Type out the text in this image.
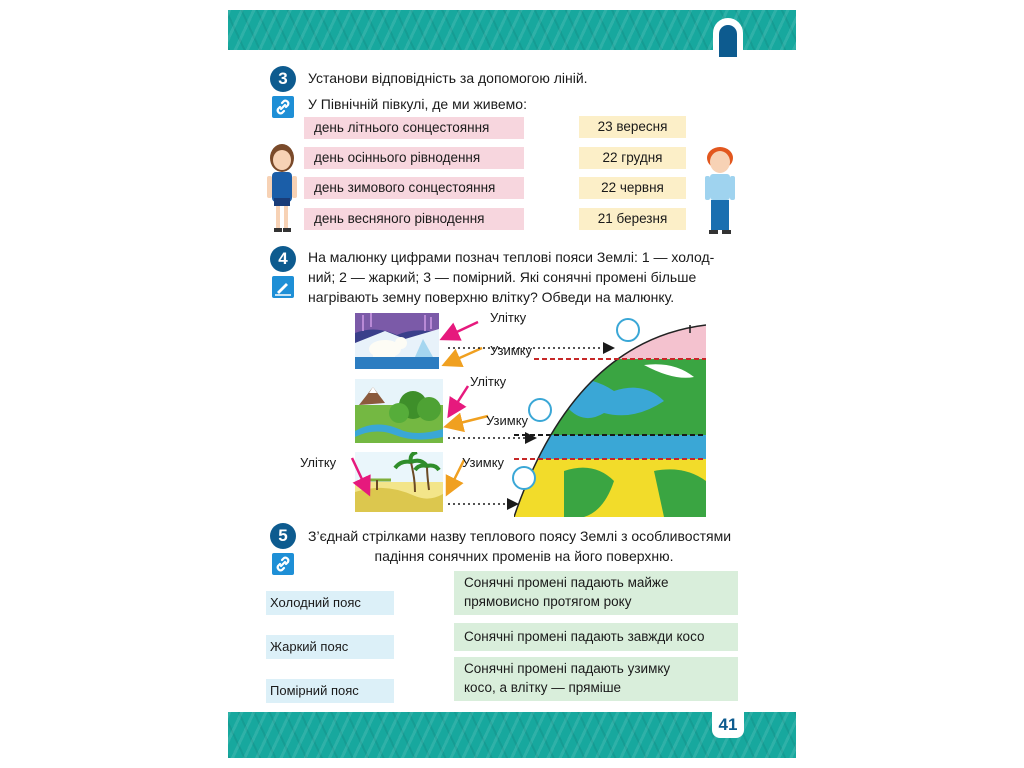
3	Установи відповідність за допомогою ліній.
У Північній півкулі, де ми живемо:
день літнього сонцестояння
день осіннього рівнодення
день зимового сонцестояння
день весняного рівнодення
23 вересня
22 грудня
22 червня
21 березня
4	На малюнку цифрами познач теплові пояси Землі: 1 — холод-
ний; 2 — жаркий; 3 — помірний. Які сонячні промені більше
нагрівають земну поверхню влітку? Обведи на малюнку.
Улітку
Узимку
Улітку
Узимку
Улітку	Узимку
5	З’єднай стрілками назву теплового поясу Землі з особливостями
падіння сонячних променів на його поверхню.
Холодний пояс
Жаркий пояс
Помірний пояс
Сонячні промені падають майже
прямовисно протягом року
Сонячні промені падають завжди косо
Сонячні промені падають узимку
косо, а влітку — пряміше
41
